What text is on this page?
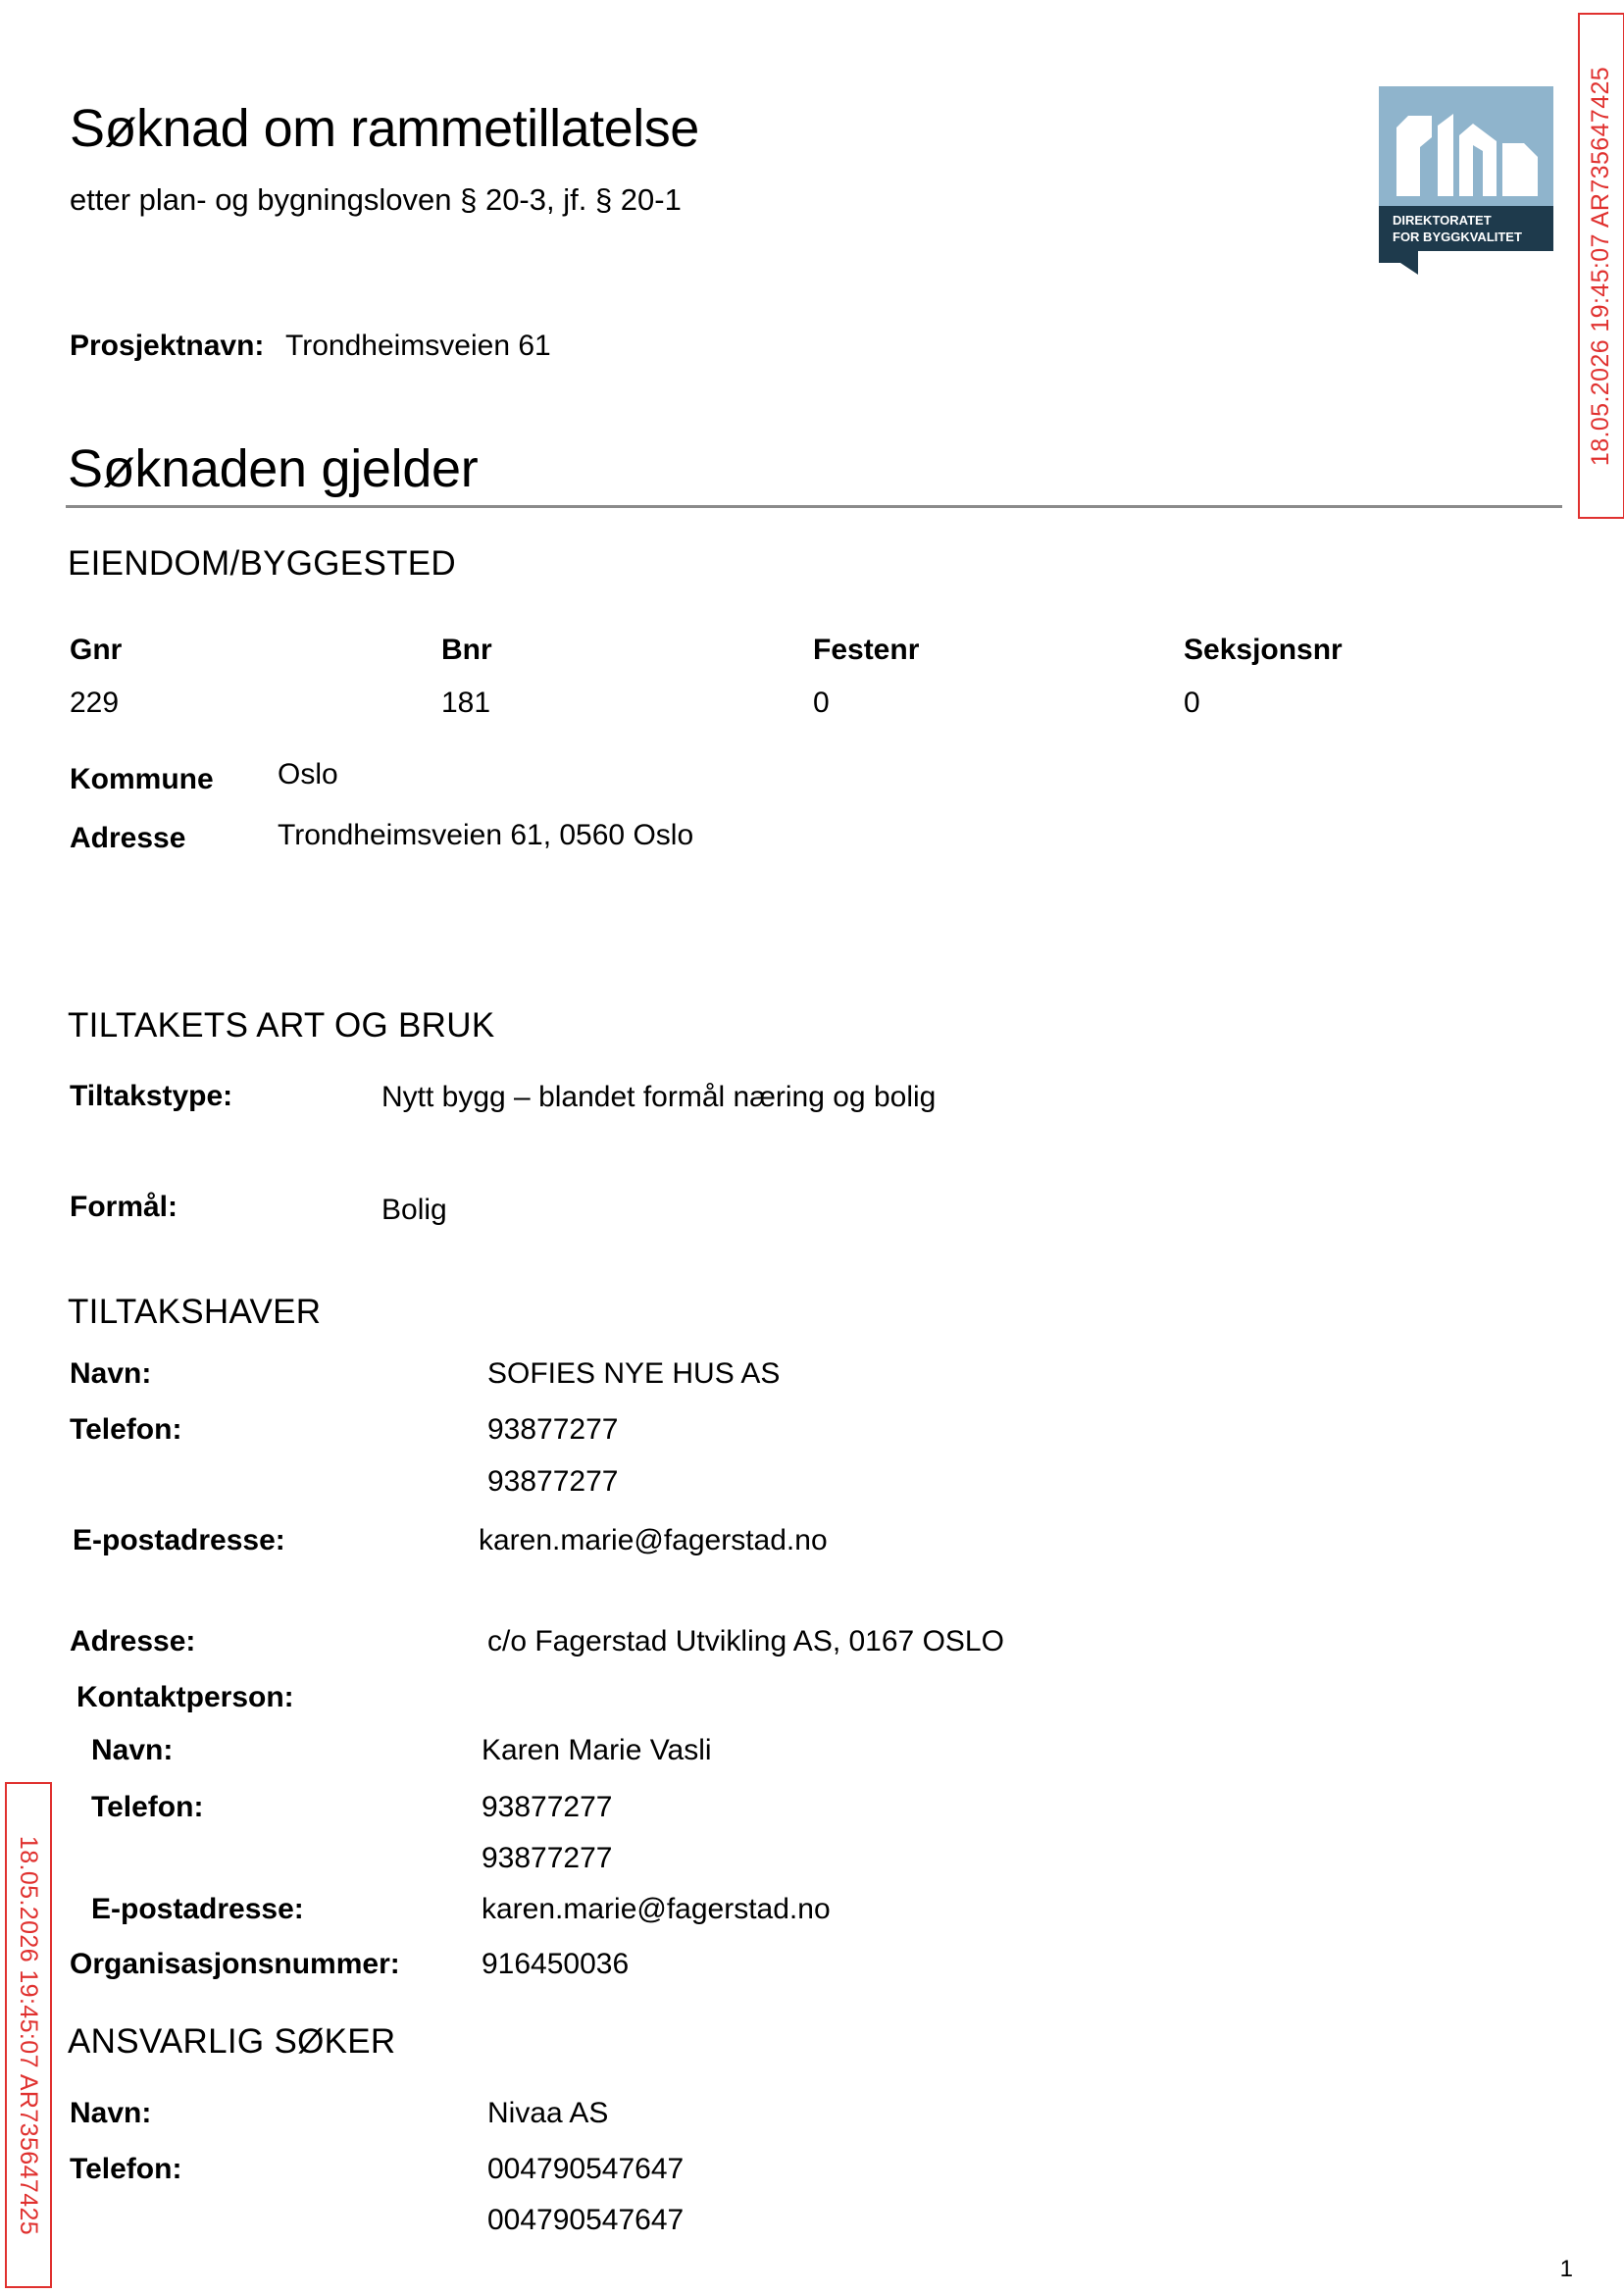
Søknad om rammetillatelse
etter plan- og bygningsloven § 20-3, jf. § 20-1
DIREKTORATET
FOR BYGGKVALITET	18.05.2026 19:45:07 AR735647425
18.05.2026 19:45:07 AR735647425
Prosjektnavn: Trondheimsveien 61
Søknaden gjelder
EIENDOM/BYGGESTED
Gnr	Bnr	Festenr	Seksjonsnr
229	181	0	0
Kommune Oslo
Adresse	Trondheimsveien 61, 0560 Oslo
TILTAKETS ART OG BRUK
Tiltakstype:	Nytt bygg – blandet formål næring og bolig
Formål:	Bolig
TILTAKSHAVER
Navn:	SOFIES NYE HUS AS
Telefon:	93877277
93877277
E-postadresse:	karen.marie@fagerstad.no
Adresse:	c/o Fagerstad Utvikling AS, 0167 OSLO
Kontaktperson:
Navn:	Karen Marie Vasli
Telefon:	93877277
93877277
E-postadresse:	karen.marie@fagerstad.no
Organisasjonsnummer:	916450036
ANSVARLIG SØKER
Navn:	Nivaa AS
Telefon:	004790547647
004790547647
1
